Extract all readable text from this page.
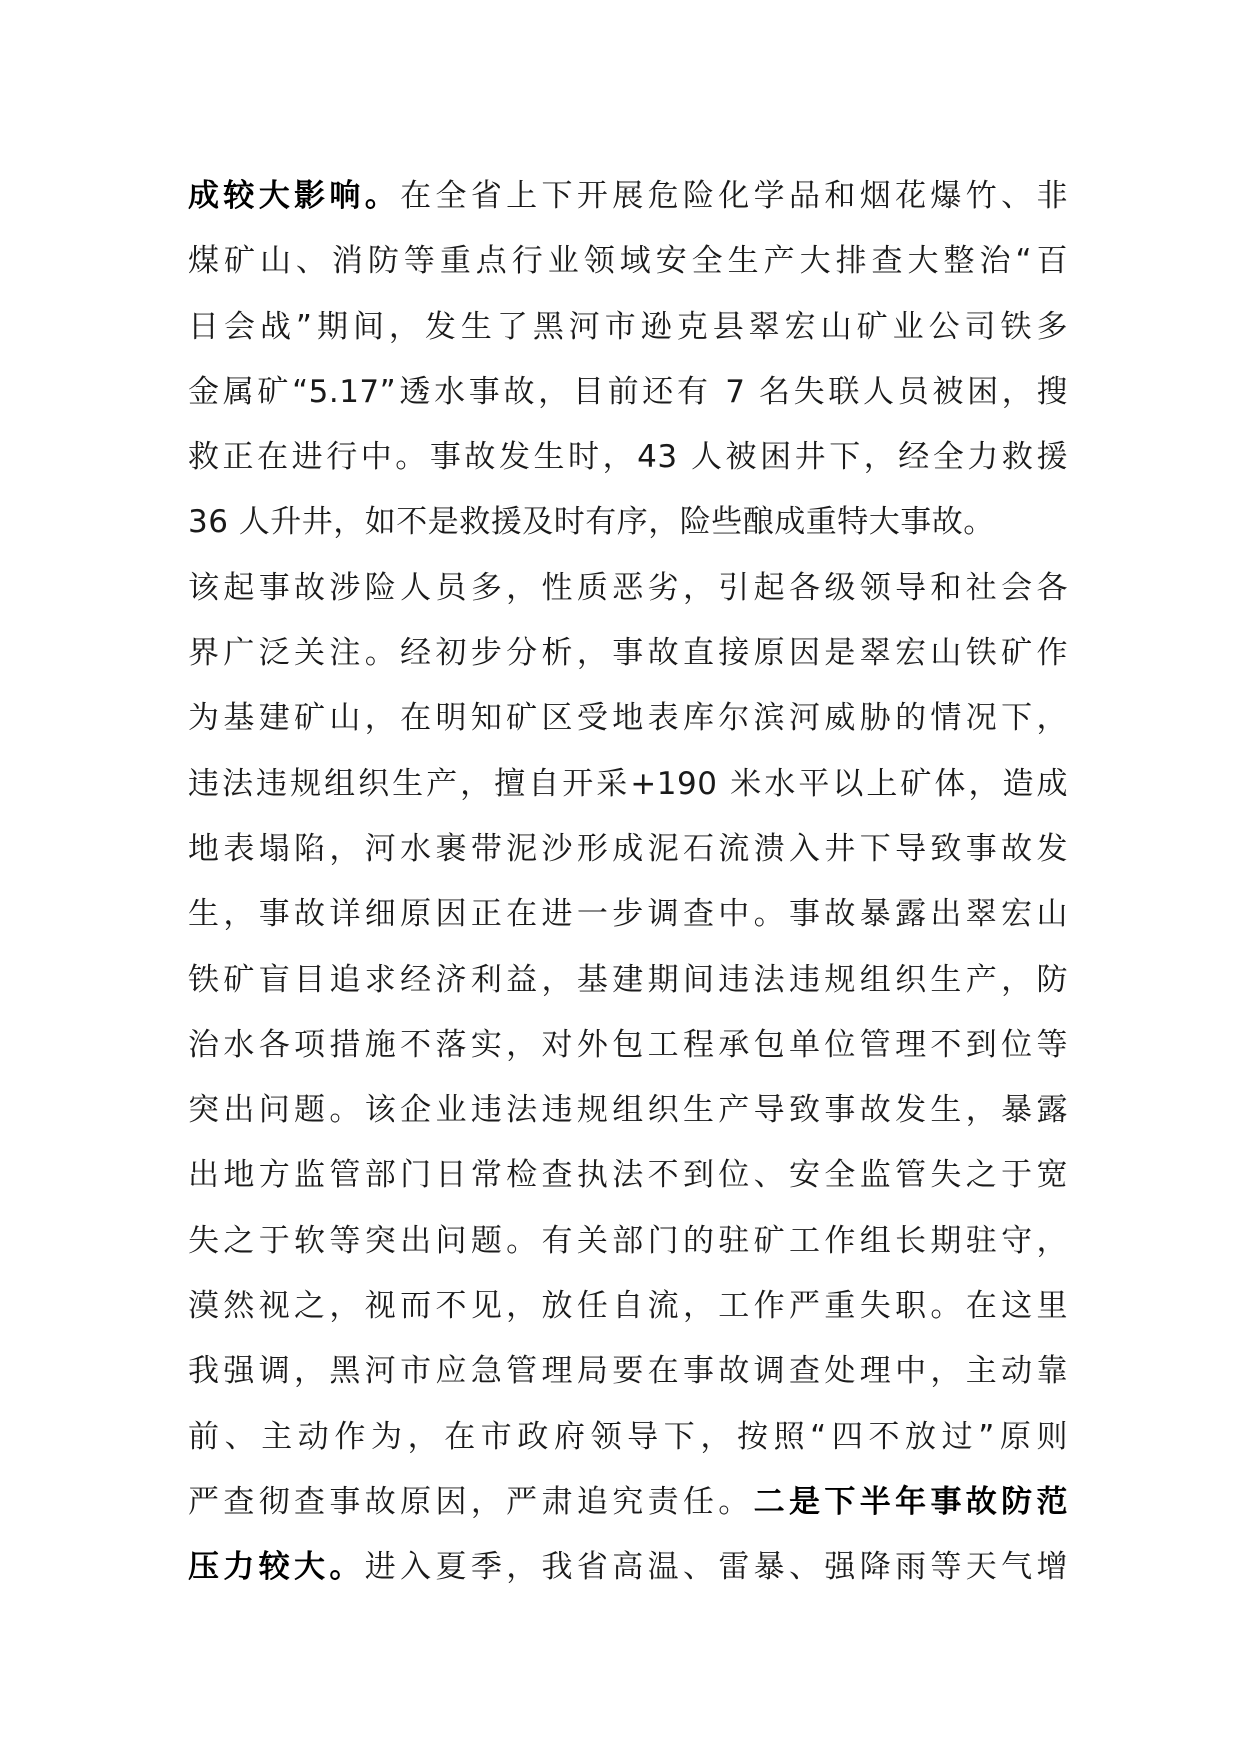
成较大影响。在全省上下开展危险化学品和烟花爆竹、非
煤矿山、消防等重点行业领域安全生产大排查大整治“百
日会战”期间，发生了黑河市逊克县翠宏山矿业公司铁多
金属矿“5.17”透水事故，目前还有 7 名失联人员被困，搜
救正在进行中。事故发生时，43 人被困井下，经全力救援
36 人升井，如不是救援及时有序，险些酿成重特大事故。
该起事故涉险人员多，性质恶劣，引起各级领导和社会各
界广泛关注。经初步分析，事故直接原因是翠宏山铁矿作
为基建矿山，在明知矿区受地表库尔滨河威胁的情况下，
违法违规组织生产，擅自开采+190 米水平以上矿体，造成
地表塌陷，河水裹带泥沙形成泥石流溃入井下导致事故发
生，事故详细原因正在进一步调查中。事故暴露出翠宏山
铁矿盲目追求经济利益，基建期间违法违规组织生产，防
治水各项措施不落实，对外包工程承包单位管理不到位等
突出问题。该企业违法违规组织生产导致事故发生，暴露
出地方监管部门日常检查执法不到位、安全监管失之于宽
失之于软等突出问题。有关部门的驻矿工作组长期驻守，
漠然视之，视而不见，放任自流，工作严重失职。在这里
我强调，黑河市应急管理局要在事故调查处理中，主动靠
前、主动作为，在市政府领导下，按照“四不放过”原则
严查彻查事故原因，严肃追究责任。二是下半年事故防范
压力较大。进入夏季，我省高温、雷暴、强降雨等天气增
